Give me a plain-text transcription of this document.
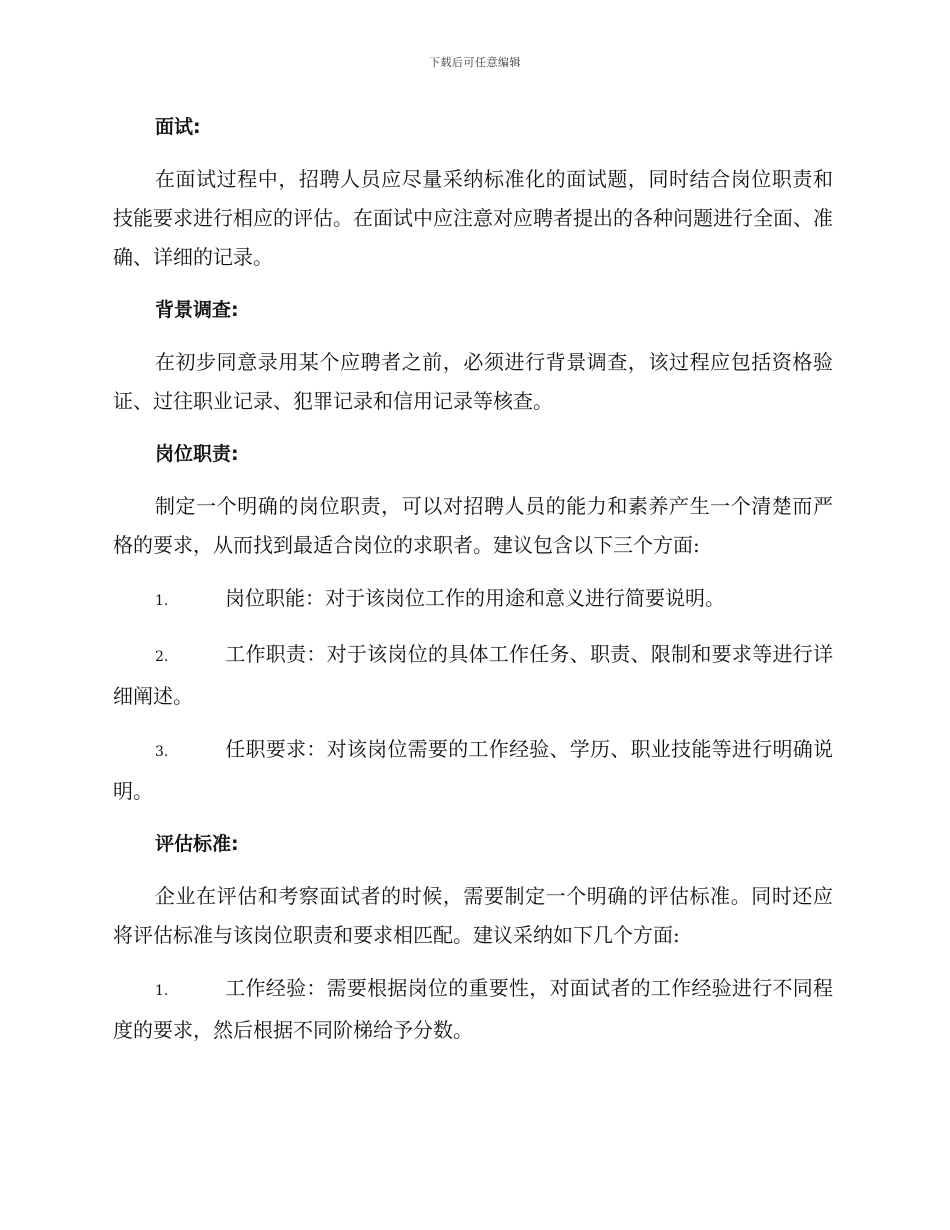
下载后可任意编辑
面试:

在面试过程中，招聘人员应尽量采纳标准化的面试题，同时结合岗位职责和技能要求进行相应的评估。在面试中应注意对应聘者提出的各种问题进行全面、准确、详细的记录。

背景调查:

在初步同意录用某个应聘者之前，必须进行背景调查，该过程应包括资格验证、过往职业记录、犯罪记录和信用记录等核查。

岗位职责:

制定一个明确的岗位职责，可以对招聘人员的能力和素养产生一个清楚而严格的要求，从而找到最适合岗位的求职者。建议包含以下三个方面:

1.	岗位职能：对于该岗位工作的用途和意义进行简要说明。
2.	工作职责：对于该岗位的具体工作任务、职责、限制和要求等进行详细阐述。
3.	任职要求：对该岗位需要的工作经验、学历、职业技能等进行明确说明。
评估标准:

企业在评估和考察面试者的时候，需要制定一个明确的评估标准。同时还应将评估标准与该岗位职责和要求相匹配。建议采纳如下几个方面:

1.	工作经验：需要根据岗位的重要性，对面试者的工作经验进行不同程度的要求，然后根据不同阶梯给予分数。
